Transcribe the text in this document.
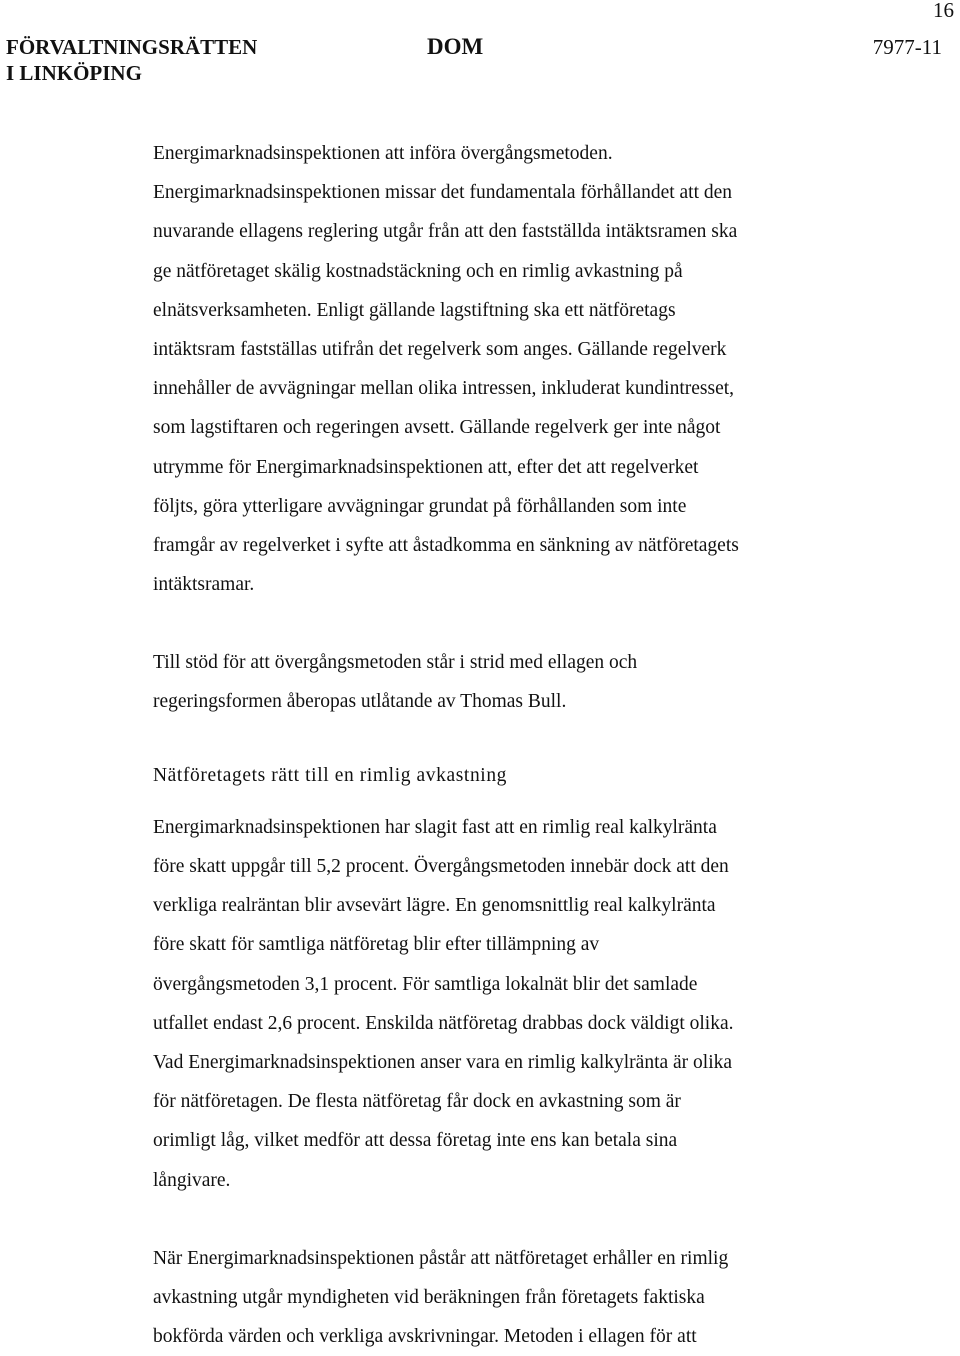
16
FÖRVALTNINGSRÄTTEN
I LINKÖPING
DOM	7977-11
Energimarknadsinspektionen att införa övergångsmetoden.
Energimarknadsinspektionen missar det fundamentala förhållandet att den
nuvarande ellagens reglering utgår från att den fastställda intäktsramen ska
ge nätföretaget skälig kostnadstäckning och en rimlig avkastning på
elnätsverksamheten. Enligt gällande lagstiftning ska ett nätföretags
intäktsram fastställas utifrån det regelverk som anges. Gällande regelverk
innehåller de avvägningar mellan olika intressen, inkluderat kundintresset,
som lagstiftaren och regeringen avsett. Gällande regelverk ger inte något
utrymme för Energimarknadsinspektionen att, efter det att regelverket
följts, göra ytterligare avvägningar grundat på förhållanden som inte
framgår av regelverket i syfte att åstadkomma en sänkning av nätföretagets
intäktsramar.
Till stöd för att övergångsmetoden står i strid med ellagen och
regeringsformen åberopas utlåtande av Thomas Bull.
Nätföretagets rätt till en rimlig avkastning
Energimarknadsinspektionen har slagit fast att en rimlig real kalkylränta
före skatt uppgår till 5,2 procent. Övergångsmetoden innebär dock att den
verkliga realräntan blir avsevärt lägre. En genomsnittlig real kalkylränta
före skatt för samtliga nätföretag blir efter tillämpning av
övergångsmetoden 3,1 procent. För samtliga lokalnät blir det samlade
utfallet endast 2,6 procent. Enskilda nätföretag drabbas dock väldigt olika.
Vad Energimarknadsinspektionen anser vara en rimlig kalkylränta är olika
för nätföretagen. De flesta nätföretag får dock en avkastning som är
orimligt låg, vilket medför att dessa företag inte ens kan betala sina
långivare.
När Energimarknadsinspektionen påstår att nätföretaget erhåller en rimlig
avkastning utgår myndigheten vid beräkningen från företagets faktiska
bokförda värden och verkliga avskrivningar. Metoden i ellagen för att
